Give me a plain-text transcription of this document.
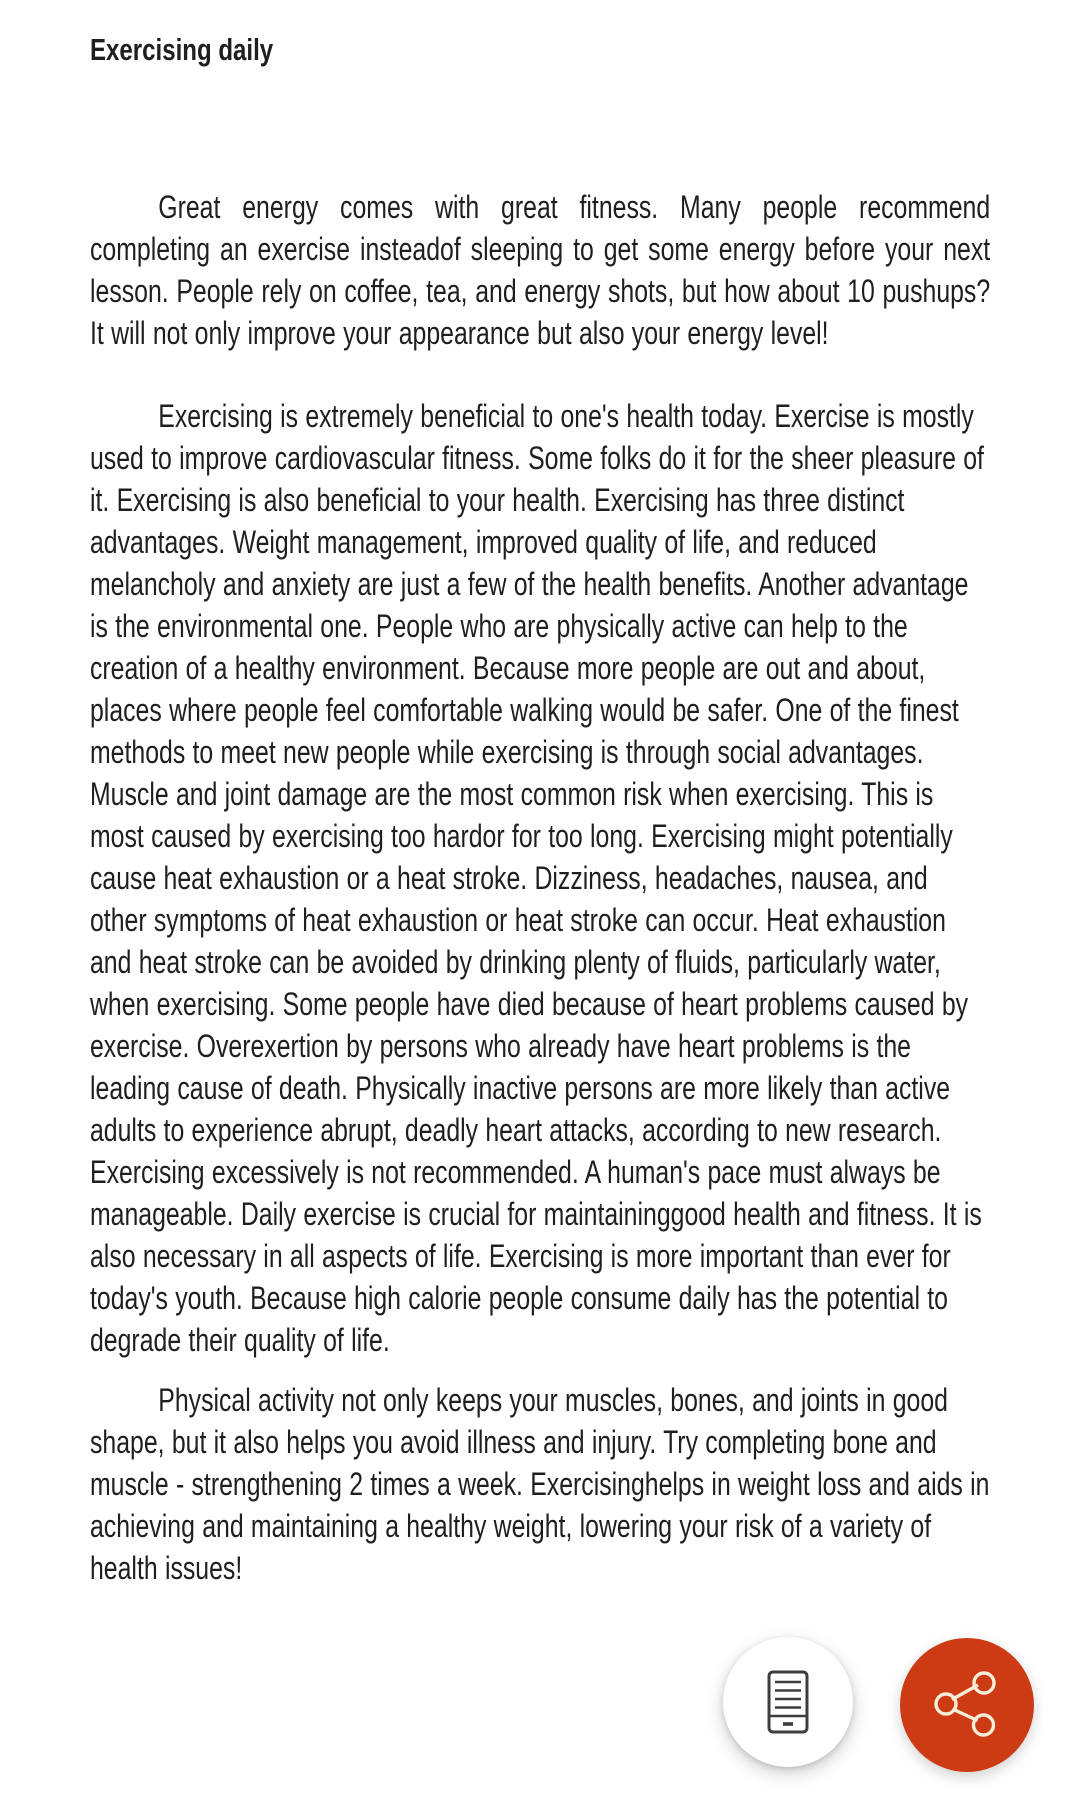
Exercising daily

Great energy comes with great fitness. Many people recommend completing an exercise insteadof sleeping to get some energy before your next lesson. People rely on coffee, tea, and energy shots, but how about 10 pushups? It will not only improve your appearance but also your energy level!

Exercising is extremely beneficial to one's health today. Exercise is mostly used to improve cardiovascular fitness. Some folks do it for the sheer pleasure of it. Exercising is also beneficial to your health. Exercising has three distinct advantages. Weight management, improved quality of life, and reduced melancholy and anxiety are just a few of the health benefits. Another advantage is the environmental one. People who are physically active can help to the creation of a healthy environment. Because more people are out and about, places where people feel comfortable walking would be safer. One of the finest methods to meet new people while exercising is through social advantages. Muscle and joint damage are the most common risk when exercising. This is most caused by exercising too hardor for too long. Exercising might potentially cause heat exhaustion or a heat stroke. Dizziness, headaches, nausea, and other symptoms of heat exhaustion or heat stroke can occur. Heat exhaustion and heat stroke can be avoided by drinking plenty of fluids, particularly water, when exercising. Some people have died because of heart problems caused by exercise. Overexertion by persons who already have heart problems is the leading cause of death. Physically inactive persons are more likely than active adults to experience abrupt, deadly heart attacks, according to new research. Exercising excessively is not recommended. A human's pace must always be manageable. Daily exercise is crucial for maintaininggood health and fitness. It is also necessary in all aspects of life. Exercising is more important than ever for today's youth. Because high calorie people consume daily has the potential to degrade their quality of life.

Physical activity not only keeps your muscles, bones, and joints in good shape, but it also helps you avoid illness and injury. Try completing bone and muscle - strengthening 2 times a week. Exercisinghelps in weight loss and aids in achieving and maintaining a healthy weight, lowering your risk of a variety of health issues!
